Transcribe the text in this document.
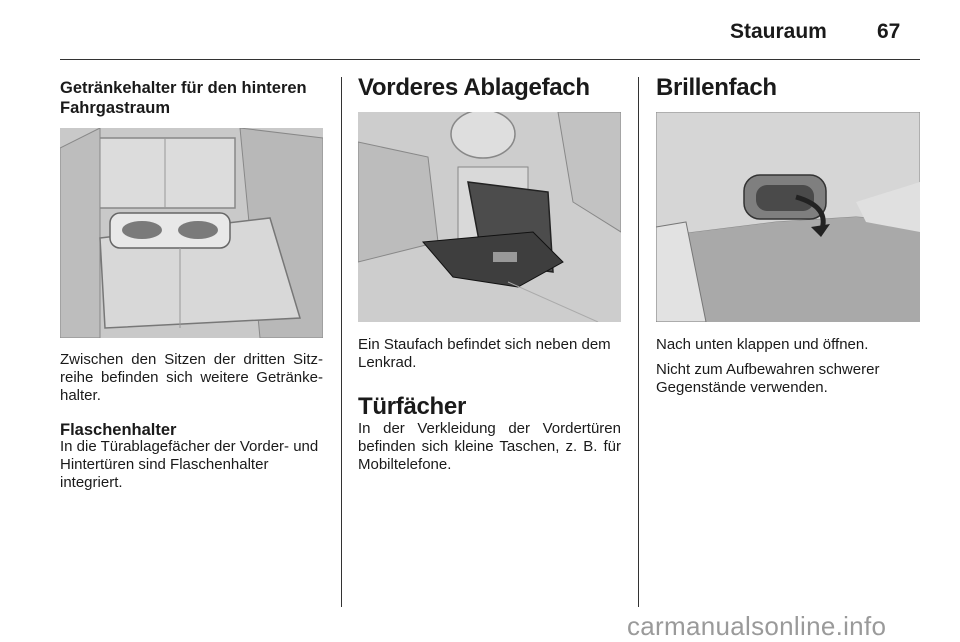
Stauraum 67
Getränkehalter für den hinteren Fahrgastraum
Zwischen den Sitzen der dritten Sitz-reihe befinden sich weitere Getränke-halter.
Flaschenhalter
In die Türablagefächer der Vorder- und Hintertüren sind Flaschenhalter integriert.
Vorderes Ablagefach
Ein Staufach befindet sich neben dem Lenkrad.
Türfächer
In der Verkleidung der Vordertüren befinden sich kleine Taschen, z. B. für Mobiltelefone.
Brillenfach
Nach unten klappen und öffnen.
Nicht zum Aufbewahren schwerer Gegenstände verwenden.
carmanualsonline.info
